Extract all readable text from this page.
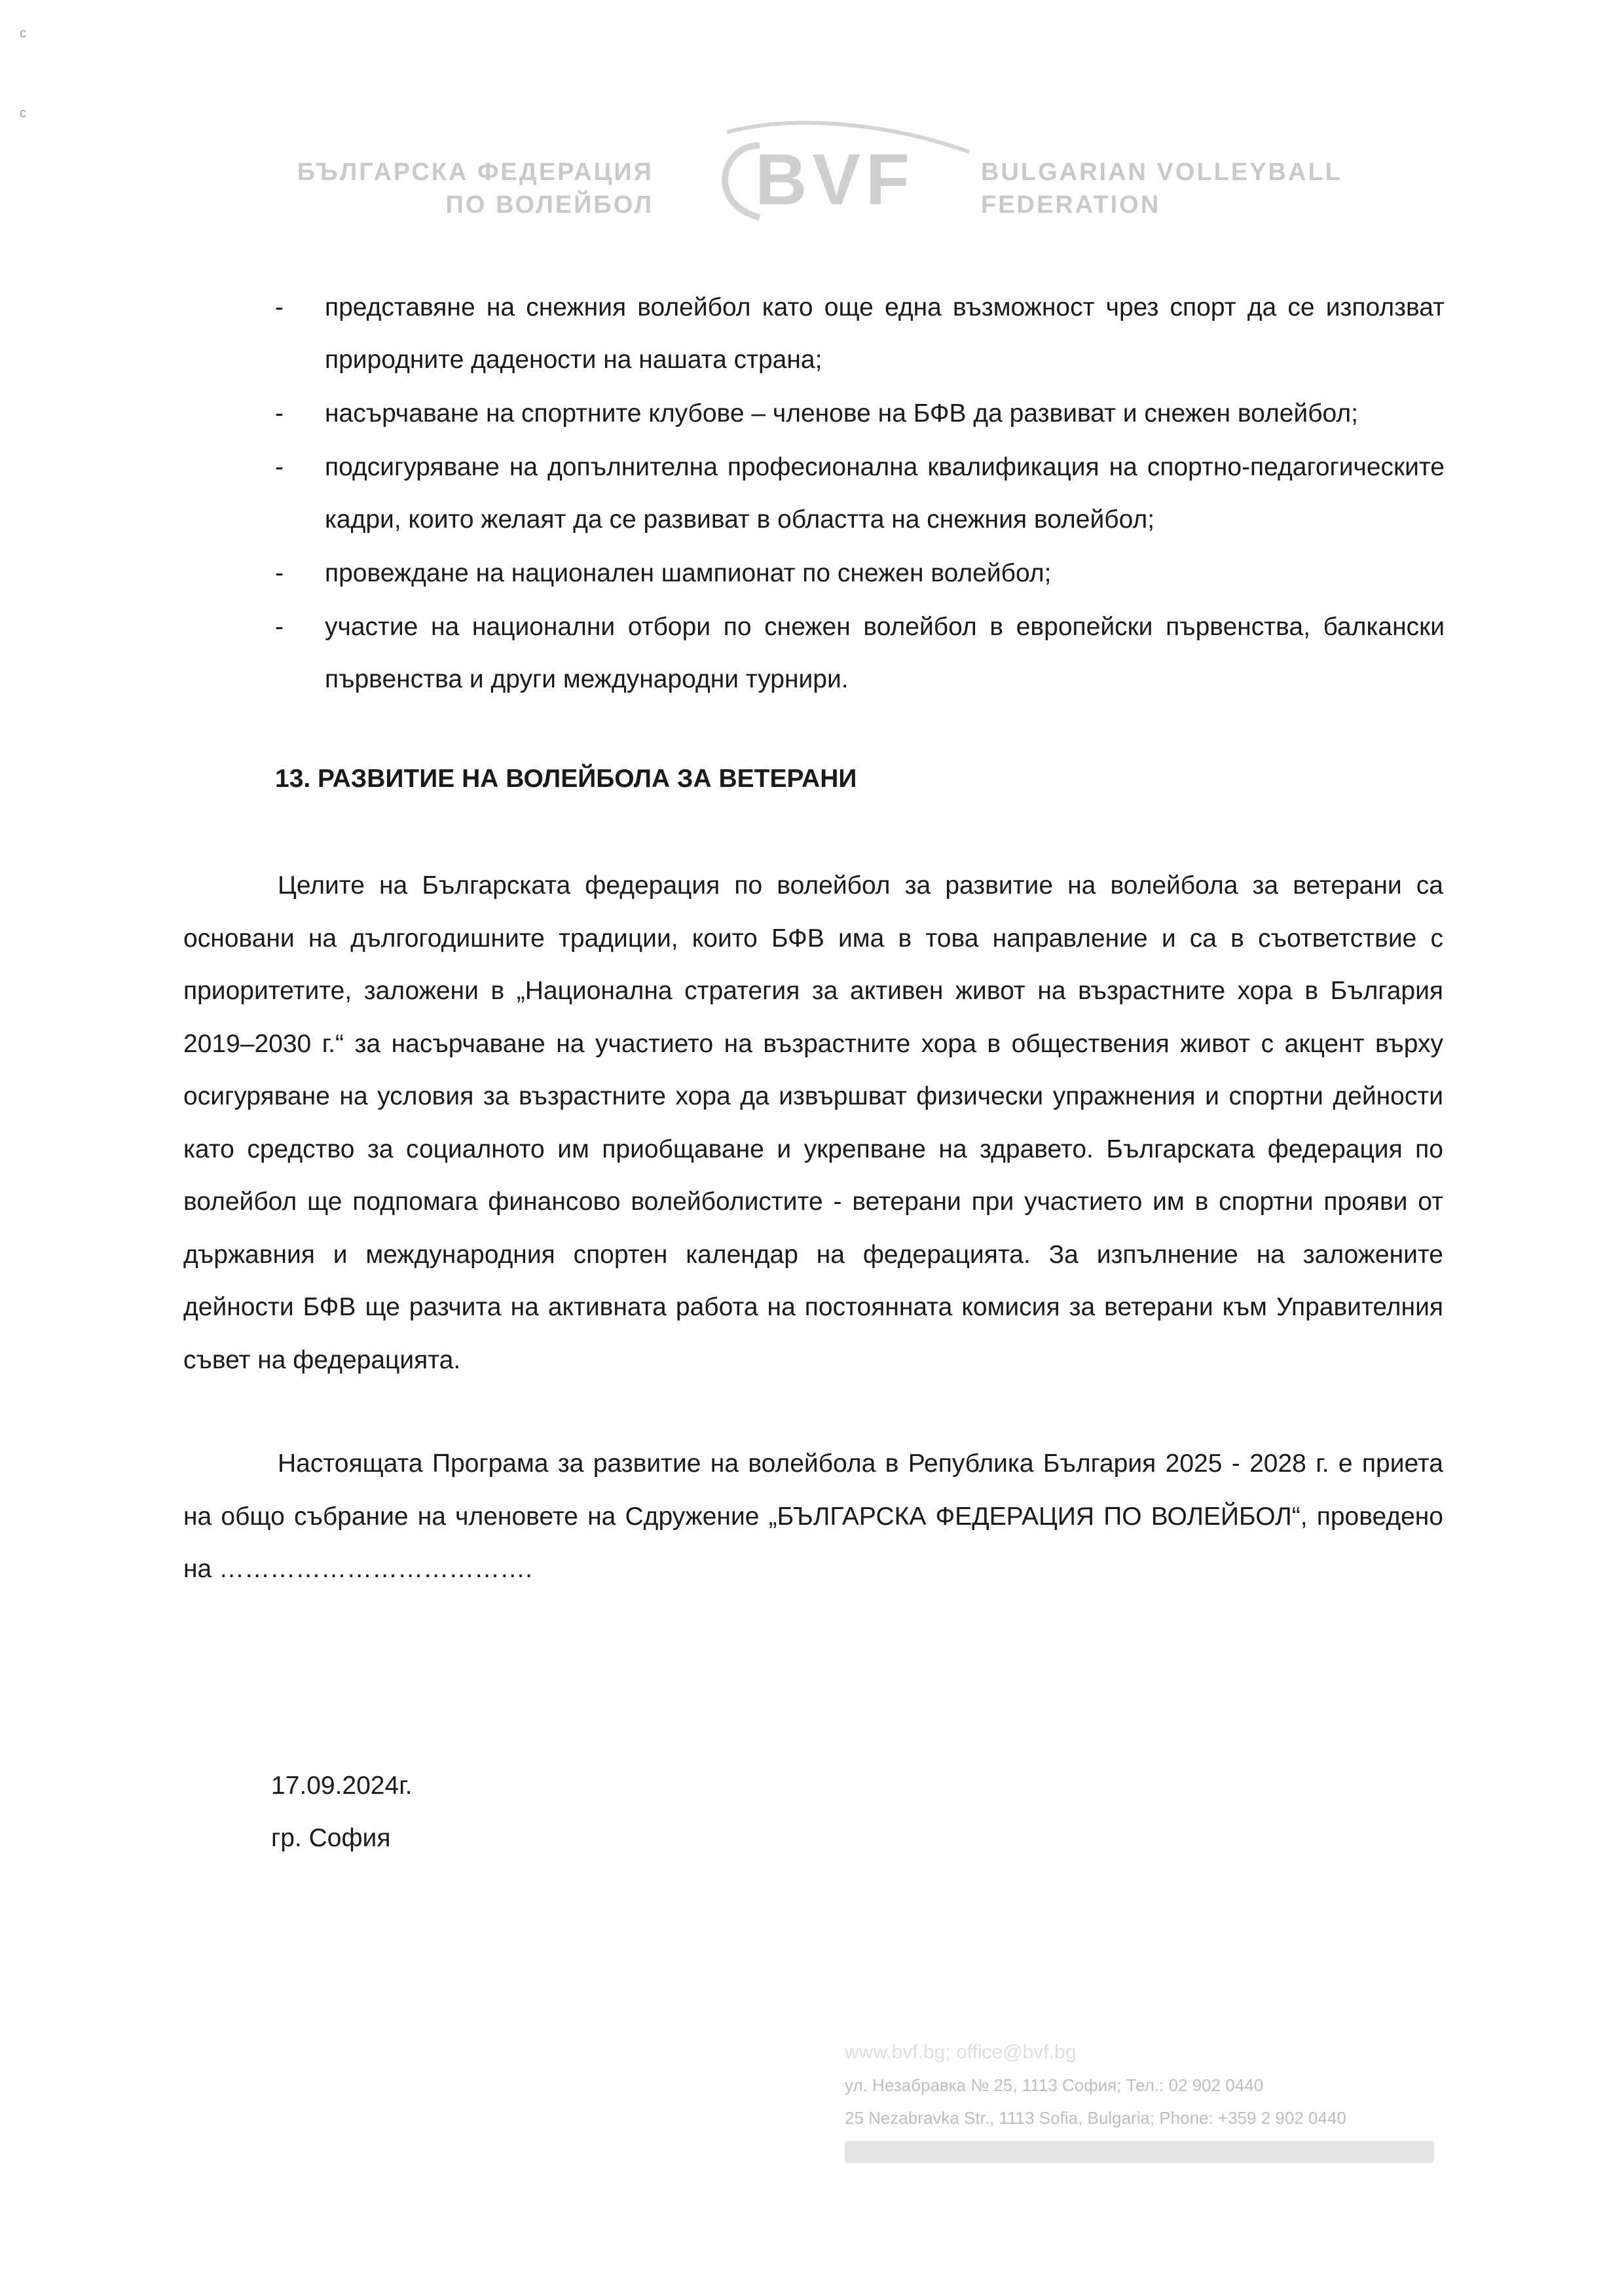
c
c
БЪЛГАРСКА ФЕДЕРАЦИЯ
ПО ВОЛЕЙБОЛ BVF	BULGARIAN VOLLEYBALL
FEDERATION
- представяне на снежния волейбол като още една възможност чрез спорт да се използват природните дадености на нашата страна;
- насърчаване на спортните клубове – членове на БФВ да развиват и снежен волейбол;
- подсигуряване на допълнителна професионална квалификация на спортно-педагогическите кадри, които желаят да се развиват в областта на снежния волейбол;
- провеждане на национален шампионат по снежен волейбол;
- участие на национални отбори по снежен волейбол в европейски първенства, балкански първенства и други международни турнири.
13. РАЗВИТИЕ НА ВОЛЕЙБОЛА ЗА ВЕТЕРАНИ
Целите на Българската федерация по волейбол за развитие на волейбола за ветерани са основани на дългогодишните традиции, които БФВ има в това направление и са в съответствие с приоритетите, заложени в „Национална стратегия за активен живот на възрастните хора в България 2019–2030 г.“ за насърчаване на участието на възрастните хора в обществения живот с акцент върху осигуряване на условия за възрастните хора да извършват физически упражнения и спортни дейности като средство за социалното им приобщаване и укрепване на здравето. Българската федерация по волейбол ще подпомага финансово волейболистите - ветерани при участието им в спортни прояви от държавния и международния спортен календар на федерацията. За изпълнение на заложените дейности БФВ ще разчита на активната работа на постоянната комисия за ветерани към Управителния съвет на федерацията.
Настоящата Програма за развитие на волейбола в Република България 2025 - 2028 г. е приета на общо събрание на членовете на Сдружение „БЪЛГАРСКА ФЕДЕРАЦИЯ ПО ВОЛЕЙБОЛ“, проведено на ……………………………….
17.09.2024г.
гр. София
www.bvf.bg; office@bvf.bg
ул. Незабравка № 25, 1113 София; Тел.: 02 902 0440
25 Nezabravka Str., 1113 Sofia, Bulgaria; Phone: +359 2 902 0440
